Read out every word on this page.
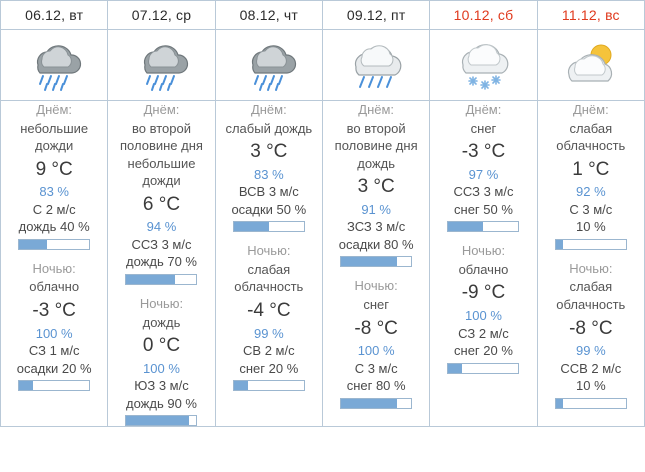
06.12, вт	07.12, ср	08.12, чт	09.12, пт	10.12, сб	11.12, вс

Днём:
небольшие дожди
9 °C
83 %
С 2 м/с
дождь 40 %
Ночью:
облачно
-3 °C
100 %
СЗ 1 м/с
осадки 20 %

Днём:
во второй половине дня небольшие дожди
6 °C
94 %
ССЗ 3 м/с
дождь 70 %
Ночью:
дождь
0 °C
100 %
ЮЗ 3 м/с
дождь 90 %

Днём:
слабый дождь
3 °C
83 %
ВСВ 3 м/с
осадки 50 %
Ночью:
слабая облачность
-4 °C
99 %
СВ 2 м/с
снег 20 %

Днём:
во второй половине дня дождь
3 °C
91 %
ЗСЗ 3 м/с
осадки 80 %
Ночью:
снег
-8 °C
100 %
С 3 м/с
снег 80 %

Днём:
снег
-3 °C
97 %
ССЗ 3 м/с
снег 50 %
Ночью:
облачно
-9 °C
100 %
СЗ 2 м/с
снег 20 %

Днём:
слабая облачность
1 °C
92 %
С 3 м/с
10 %
Ночью:
слабая облачность
-8 °C
99 %
ССВ 2 м/с
10 %
